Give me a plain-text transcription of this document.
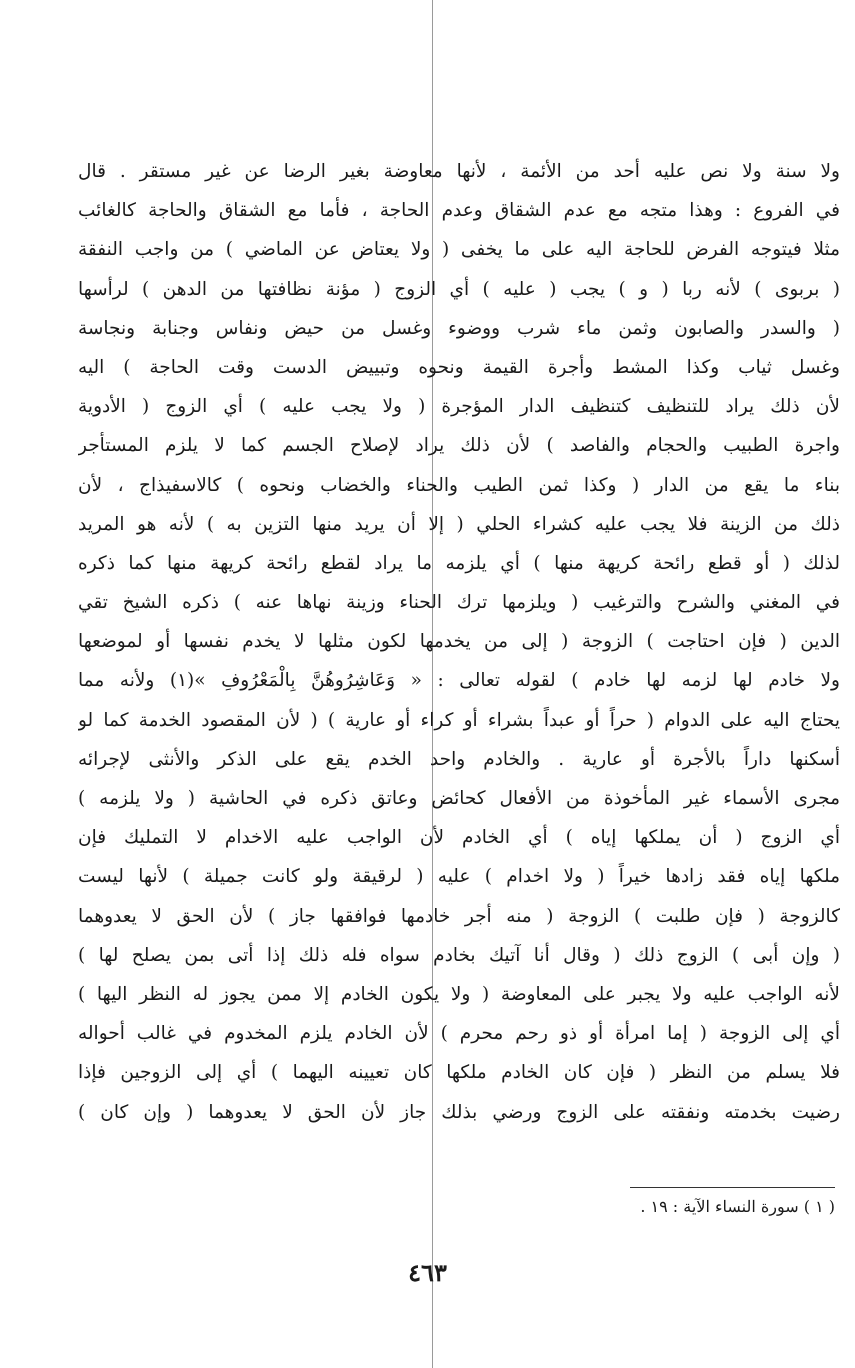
ولا سنة ولا نص عليه أحد من الأئمة ، لأنها معاوضة بغير الرضا عن غير مستقر . قال
في الفروع : وهذا متجه مع عدم الشقاق وعدم الحاجة ، فأما مع الشقاق والحاجة كالغائب
مثلا فيتوجه الفرض للحاجة اليه على ما يخفى ( ولا يعتاض عن الماضي ) من واجب النفقة
( بربوى ) لأنه ربا ( و ) يجب ( عليه ) أي الزوج ( مؤنة نظافتها من الدهن ) لرأسها
( والسدر والصابون وثمن ماء شرب ووضوء وغسل من حيض ونفاس وجنابة ونجاسة
وغسل ثياب وكذا المشط وأجرة القيمة ونحوه وتبييض الدست وقت الحاجة ) اليه
لأن ذلك يراد للتنظيف كتنظيف الدار المؤجرة ( ولا يجب عليه ) أي الزوج ( الأدوية
واجرة الطبيب والحجام والفاصد ) لأن ذلك يراد لإصلاح الجسم كما لا يلزم المستأجر
بناء ما يقع من الدار ( وكذا ثمن الطيب والحناء والخضاب ونحوه ) كالاسفيذاج ، لأن
ذلك من الزينة فلا يجب عليه كشراء الحلي ( إلا أن يريد منها التزين به ) لأنه هو المريد
لذلك ( أو قطع رائحة كريهة منها ) أي يلزمه ما يراد لقطع رائحة كريهة منها كما ذكره
في المغني والشرح والترغيب ( ويلزمها ترك الحناء وزينة نهاها عنه ) ذكره الشيخ تقي
الدين ( فإن احتاجت ) الزوجة ( إلى من يخدمها لكون مثلها لا يخدم نفسها أو لموضعها
ولا خادم لها لزمه لها خادم ) لقوله تعالى : « وَعَاشِرُوهُنَّ بِالْمَعْرُوفِ »(١) ولأنه مما
يحتاج اليه على الدوام ( حراً أو عبداً بشراء أو كراء أو عارية ) ( لأن المقصود الخدمة كما لو
أسكنها داراً بالأجرة أو عارية . والخادم واحد الخدم يقع على الذكر والأنثى لإجرائه
مجرى الأسماء غير المأخوذة من الأفعال كحائض وعاتق ذكره في الحاشية ( ولا يلزمه )
أي الزوج ( أن يملكها إياه ) أي الخادم لأن الواجب عليه الاخدام لا التمليك فإن
ملكها إياه فقد زادها خيراً ( ولا اخدام ) عليه ( لرقيقة ولو كانت جميلة ) لأنها ليست
كالزوجة ( فإن طلبت ) الزوجة ( منه أجر خادمها فوافقها جاز ) لأن الحق لا يعدوهما
( وإن أبى ) الزوج ذلك ( وقال أنا آتيك بخادم سواه فله ذلك إذا أتى بمن يصلح لها )
لأنه الواجب عليه ولا يجبر على المعاوضة ( ولا يكون الخادم إلا ممن يجوز له النظر اليها )
أي إلى الزوجة ( إما امرأة أو ذو رحم محرم ) لأن الخادم يلزم المخدوم في غالب أحواله
فلا يسلم من النظر ( فإن كان الخادم ملكها كان تعيينه اليهما ) أي إلى الزوجين فإذا
رضيت بخدمته ونفقته على الزوج ورضي بذلك جاز لأن الحق لا يعدوهما ( وإن كان )
( ١ ) سورة النساء الآية : ١٩ .
٤٦٣
